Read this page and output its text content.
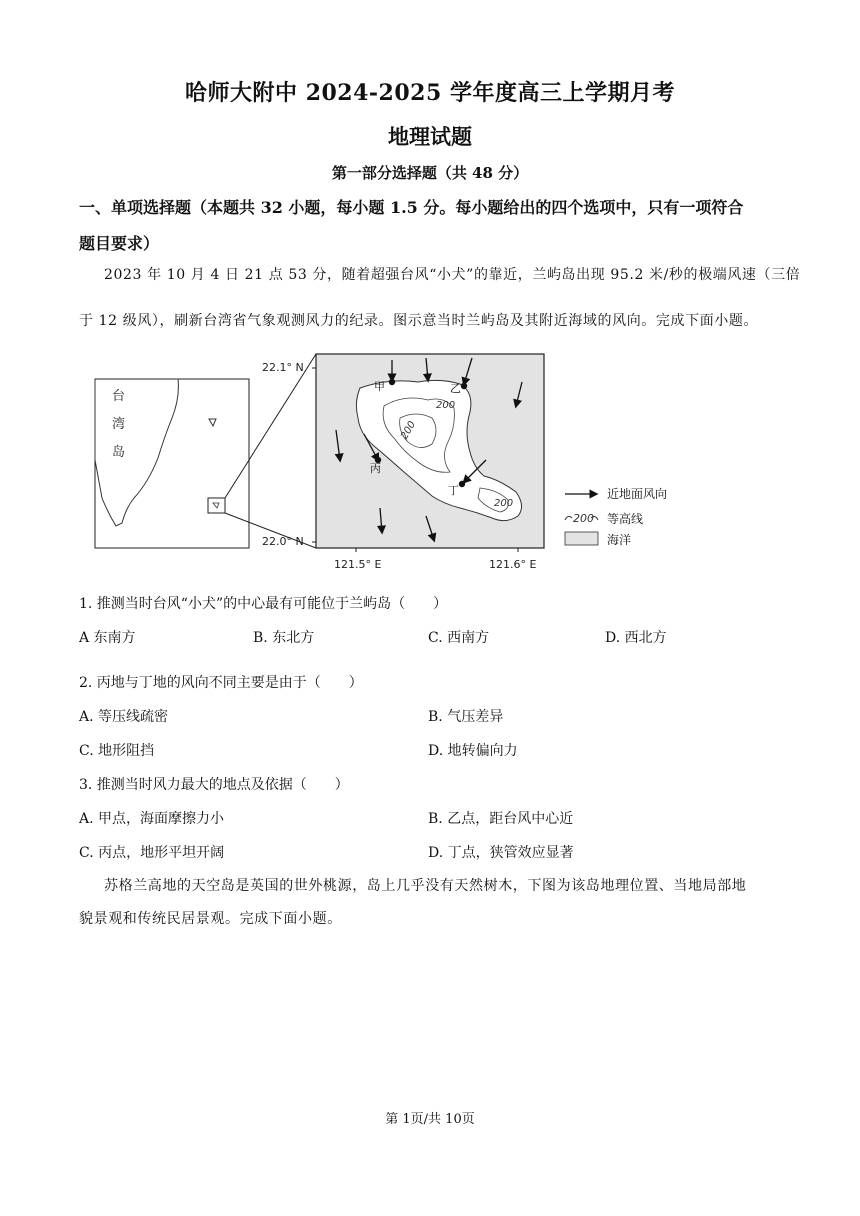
哈师大附中 2024-2025 学年度高三上学期月考
地理试题
第一部分选择题（共 48 分）
一、单项选择题（本题共 32 小题，每小题 1.5 分。每小题给出的四个选项中，只有一项符合
题目要求）
2023 年 10 月 4 日 21 点 53 分，随着超强台风“小犬”的靠近，兰屿岛出现 95.2 米/秒的极端风速（三倍
于 12 级风），刷新台湾省气象观测风力的纪录。图示意当时兰屿岛及其附近海域的风向。完成下面小题。
台
湾
岛
甲	乙
丙
丁
200
200
200
22.1° N
22.0° N
121.5° E	121.6° E
近地面风向
200 等高线
海洋
1. 推测当时台风“小犬”的中心最有可能位于兰屿岛（　　）
A 东南方	B. 东北方	C. 西南方	D. 西北方
2. 丙地与丁地的风向不同主要是由于（　　）
A. 等压线疏密	B. 气压差异
C. 地形阻挡	D. 地转偏向力
3. 推测当时风力最大的地点及依据（　　）
A. 甲点，海面摩擦力小	B. 乙点，距台风中心近
C. 丙点，地形平坦开阔	D. 丁点，狭管效应显著
苏格兰高地的天空岛是英国的世外桃源，岛上几乎没有天然树木，下图为该岛地理位置、当地局部地
貌景观和传统民居景观。完成下面小题。
第 1页/共 10页
